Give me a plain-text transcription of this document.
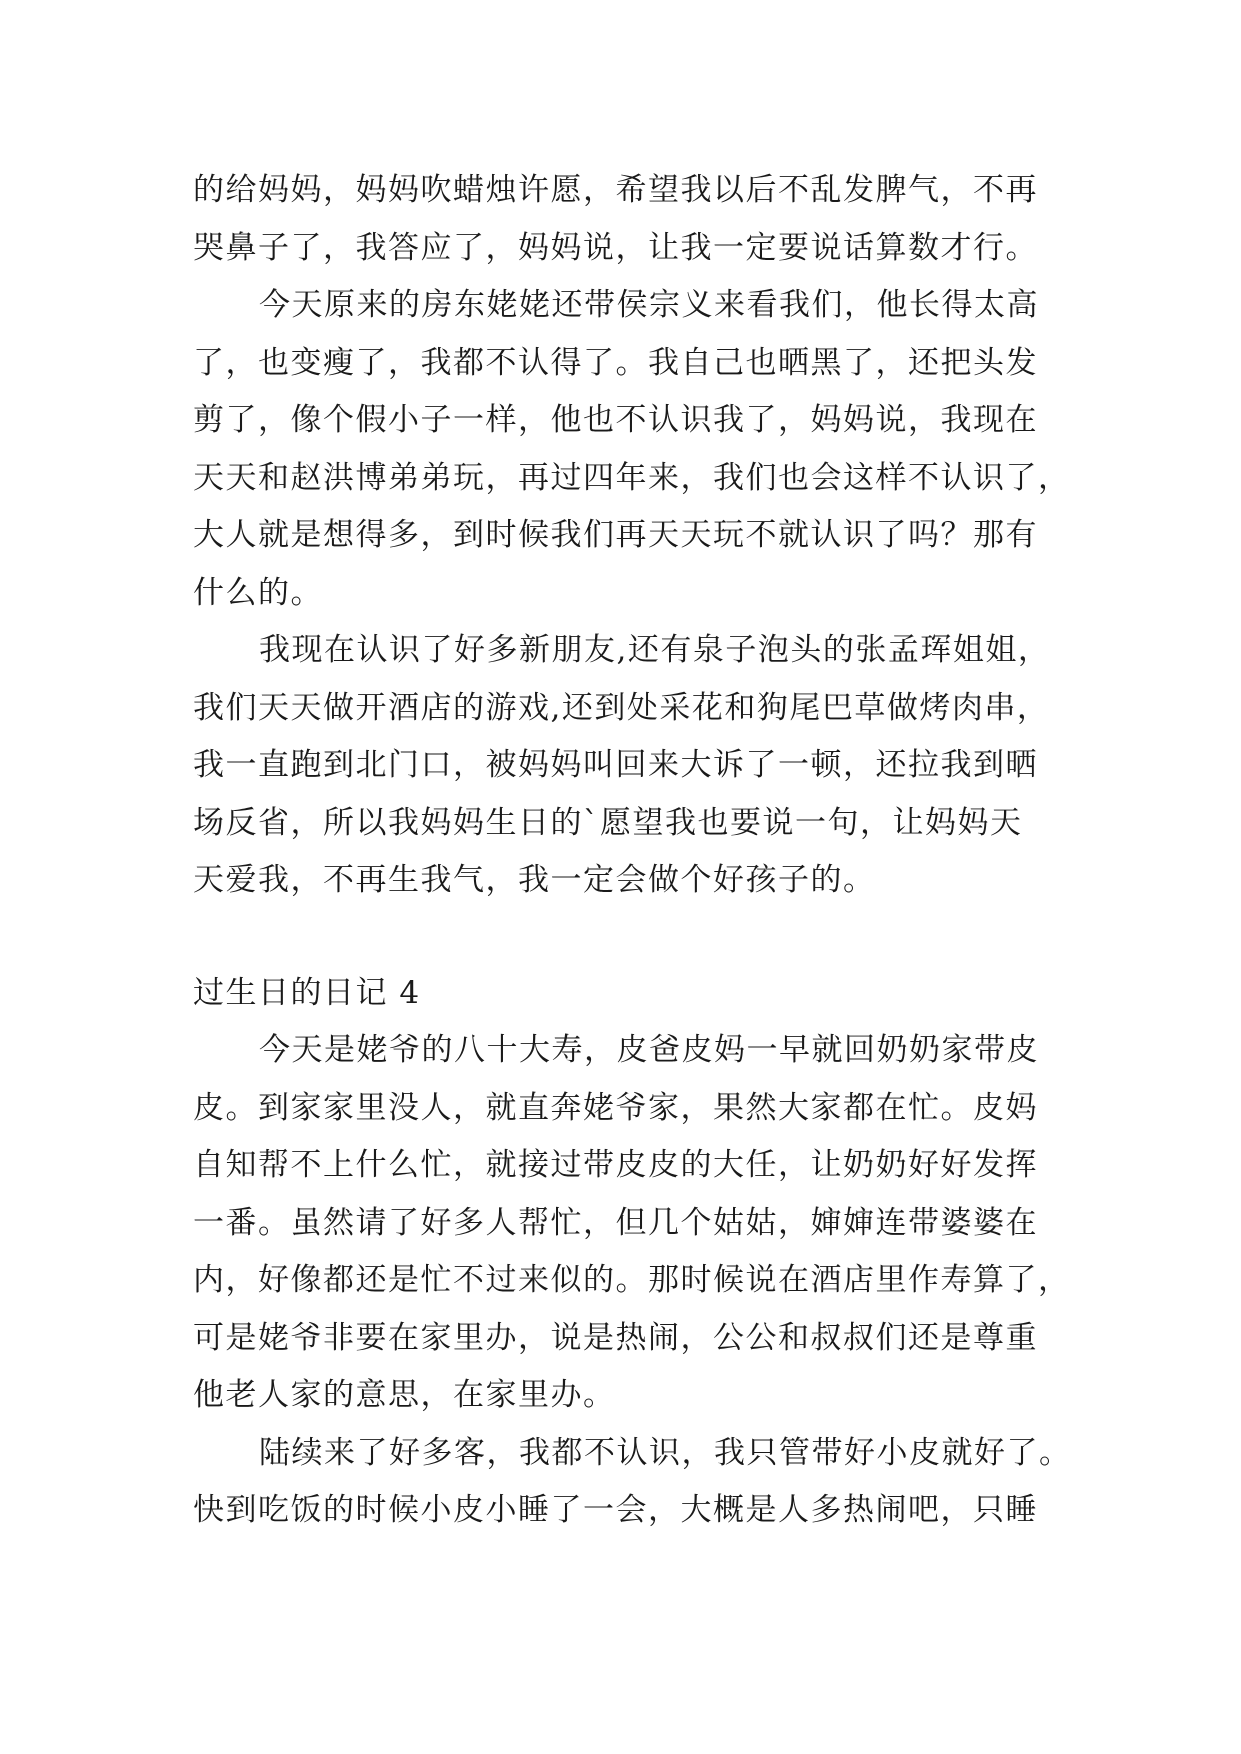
的给妈妈，妈妈吹蜡烛许愿，希望我以后不乱发脾气，不再
哭鼻子了，我答应了，妈妈说，让我一定要说话算数才行。

今天原来的房东姥姥还带侯宗义来看我们，他长得太高
了，也变瘦了，我都不认得了。我自己也晒黑了，还把头发
剪了，像个假小子一样，他也不认识我了，妈妈说，我现在
天天和赵洪博弟弟玩，再过四年来，我们也会这样不认识了，
大人就是想得多，到时候我们再天天玩不就认识了吗？那有
什么的。

我现在认识了好多新朋友,还有泉子泡头的张孟珲姐姐，
我们天天做开酒店的游戏,还到处采花和狗尾巴草做烤肉串，
我一直跑到北门口，被妈妈叫回来大诉了一顿，还拉我到晒
场反省，所以我妈妈生日的`愿望我也要说一句，让妈妈天
天爱我，不再生我气，我一定会做个好孩子的。

过生日的日记 4

今天是姥爷的八十大寿，皮爸皮妈一早就回奶奶家带皮
皮。到家家里没人，就直奔姥爷家，果然大家都在忙。皮妈
自知帮不上什么忙，就接过带皮皮的大任，让奶奶好好发挥
一番。虽然请了好多人帮忙，但几个姑姑，婶婶连带婆婆在
内，好像都还是忙不过来似的。那时候说在酒店里作寿算了，
可是姥爷非要在家里办，说是热闹，公公和叔叔们还是尊重
他老人家的意思，在家里办。

陆续来了好多客，我都不认识，我只管带好小皮就好了。
快到吃饭的时候小皮小睡了一会，大概是人多热闹吧，只睡
